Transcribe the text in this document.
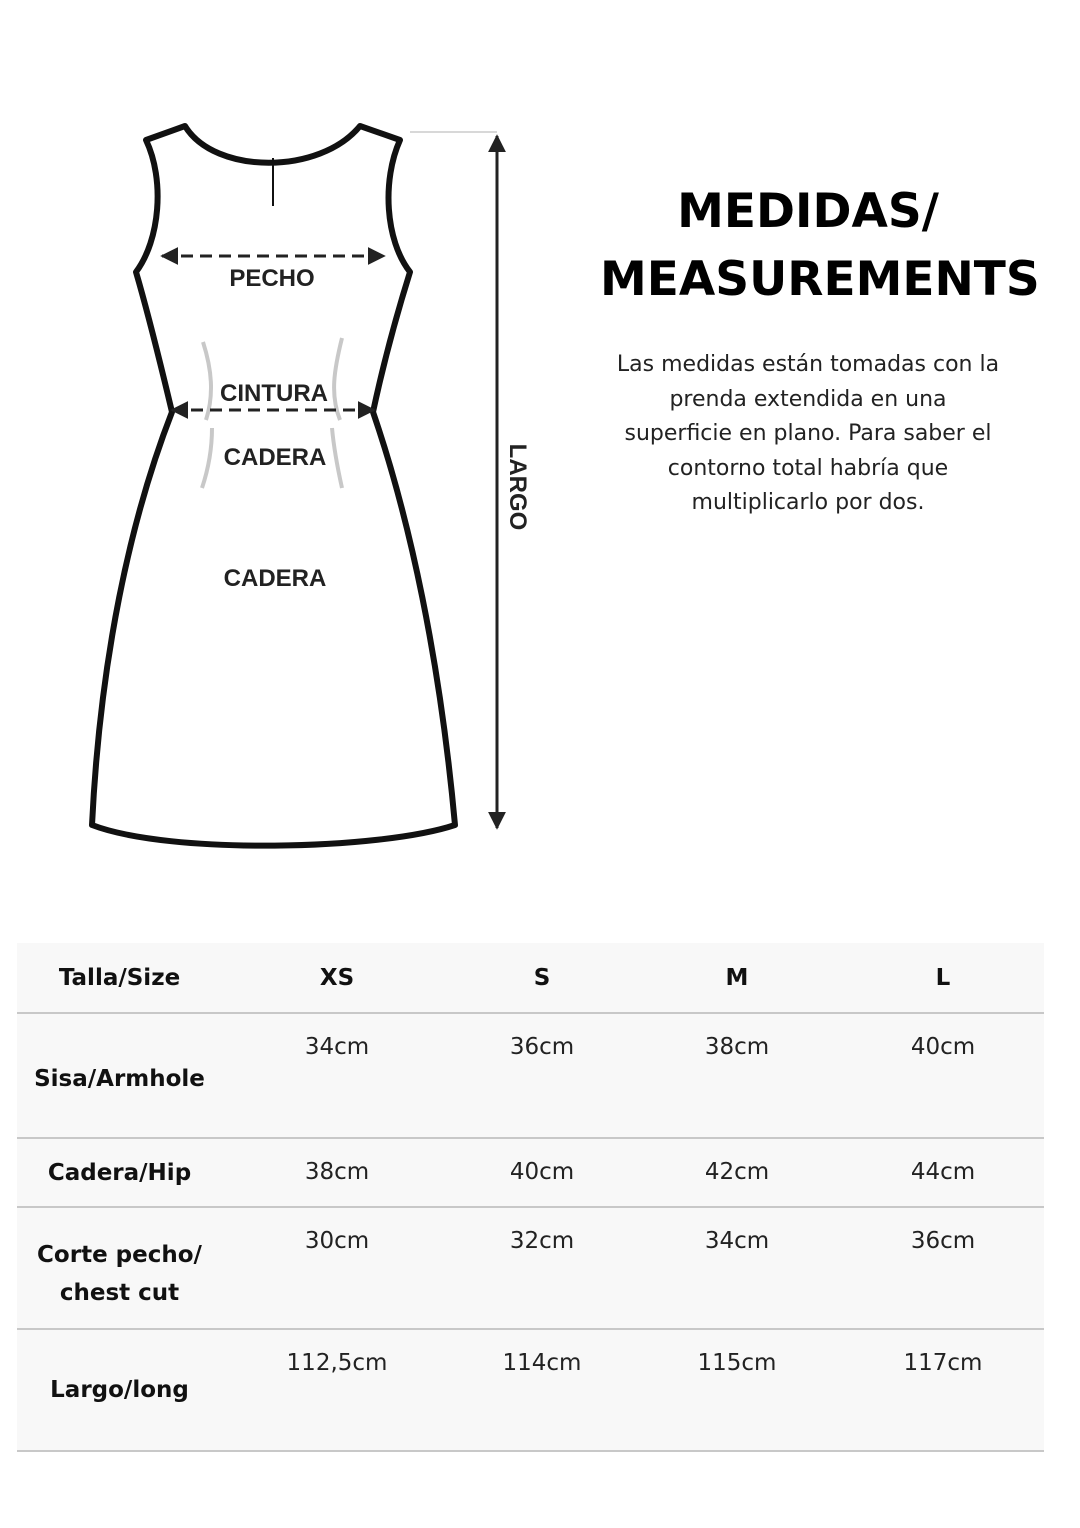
PECHO
CINTURA
CADERA
CADERA
LARGO
MEDIDAS/
MEASUREMENTS
Las medidas están tomadas con la
prenda extendida en una
superficie en plano. Para saber el
contorno total habría que
multiplicarlo por dos.
Talla/Size	XS	S	M	L
Sisa/Armhole	34cm	36cm	38cm	40cm

Cadera/Hip	38cm	40cm	42cm	44cm

Corte pecho/
chest cut	30cm	32cm	34cm	36cm

Largo/long	112,5cm	114cm	115cm	117cm
